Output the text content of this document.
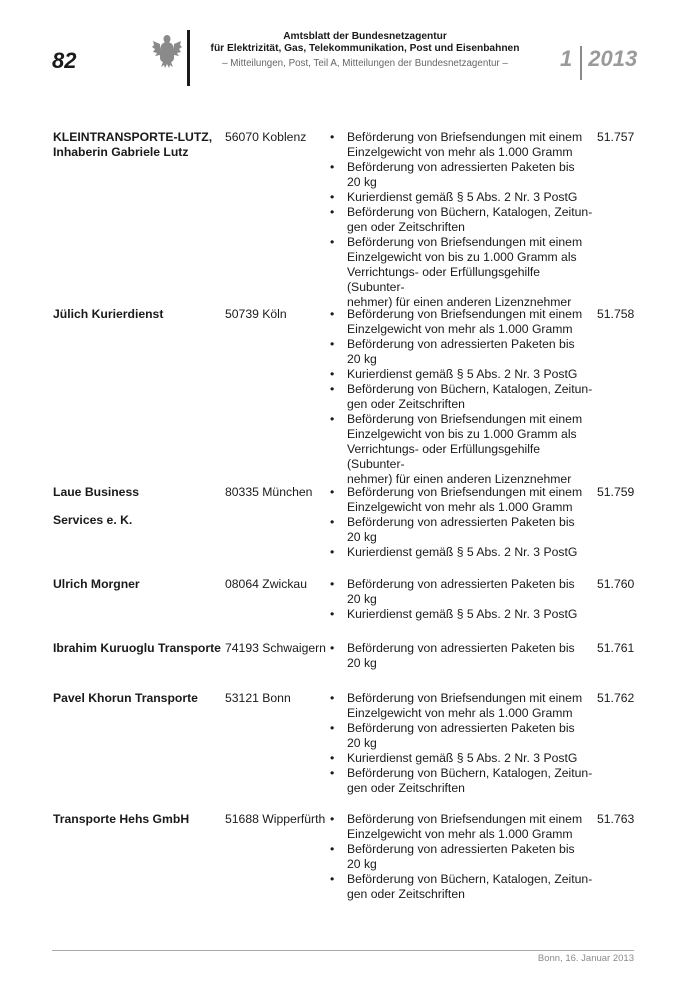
82
Amtsblatt der Bundesnetzagentur
für Elektrizität, Gas, Telekommunikation, Post und Eisenbahnen
– Mitteilungen, Post, Teil A, Mitteilungen der Bundesnetzagentur –	1 2013
KLEINTRANSPORTE-LUTZ,
Inhaberin Gabriele Lutz
56070 Koblenz	•	Beförderung von Briefsendungen mit einem
Einzelgewicht von mehr als 1.000 Gramm
•	Beförderung von adressierten Paketen bis
20 kg
•	Kurierdienst gemäß § 5 Abs. 2 Nr. 3 PostG
•	Beförderung von Büchern, Katalogen, Zeitun-
gen oder Zeitschriften
•	Beförderung von Briefsendungen mit einem
Einzelgewicht von bis zu 1.000 Gramm als
Verrichtungs- oder Erfüllungsgehilfe (Subunter-
nehmer) für einen anderen Lizenznehmer
51.757
Jülich Kurierdienst	50739 Köln	•	Beförderung von Briefsendungen mit einem
Einzelgewicht von mehr als 1.000 Gramm
•	Beförderung von adressierten Paketen bis
20 kg
•	Kurierdienst gemäß § 5 Abs. 2 Nr. 3 PostG
•	Beförderung von Büchern, Katalogen, Zeitun-
gen oder Zeitschriften
•	Beförderung von Briefsendungen mit einem
Einzelgewicht von bis zu 1.000 Gramm als
Verrichtungs- oder Erfüllungsgehilfe (Subunter-
nehmer) für einen anderen Lizenznehmer
51.758
Laue Business
Services e. K.
80335 München	•	Beförderung von Briefsendungen mit einem
Einzelgewicht von mehr als 1.000 Gramm
•	Beförderung von adressierten Paketen bis
20 kg
•	Kurierdienst gemäß § 5 Abs. 2 Nr. 3 PostG
51.759
Ulrich Morgner	08064 Zwickau	•	Beförderung von adressierten Paketen bis
20 kg
•	Kurierdienst gemäß § 5 Abs. 2 Nr. 3 PostG
51.760
Ibrahim Kuruoglu Transporte 74193 Schwaigern •	Beförderung von adressierten Paketen bis
20 kg
51.761
Pavel Khorun Transporte	53121 Bonn	•	Beförderung von Briefsendungen mit einem
Einzelgewicht von mehr als 1.000 Gramm
•	Beförderung von adressierten Paketen bis
20 kg
•	Kurierdienst gemäß § 5 Abs. 2 Nr. 3 PostG
•	Beförderung von Büchern, Katalogen, Zeitun-
gen oder Zeitschriften
51.762
Transporte Hehs GmbH	51688 Wipperfürth •	Beförderung von Briefsendungen mit einem
Einzelgewicht von mehr als 1.000 Gramm
•	Beförderung von adressierten Paketen bis
20 kg
•	Beförderung von Büchern, Katalogen, Zeitun-
gen oder Zeitschriften
51.763
Bonn, 16. Januar 2013
